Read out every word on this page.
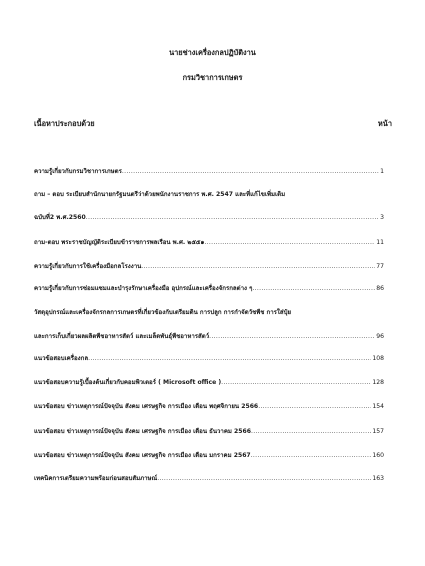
นายช่างเครื่องกลปฏิบัติงาน
กรมวิชาการเกษตร
เนื้อหาประกอบด้วย	หน้า
ความรู้เกี่ยวกับกรมวิชาการเกษตร .....	1
ถาม – ตอบ ระเบียบสำนักนายกรัฐมนตรีว่าด้วยพนักงานราชการ พ.ศ. 2547 และที่แก้ไขเพิ่มเติม
ฉบับที่2 พ.ศ.2560 .....	3
ถาม-ตอบ พระราชบัญญัติระเบียบข้าราชการพลเรือน พ.ศ. ๒๕๕๑ .....	11
ความรู้เกี่ยวกับการใช้เครื่องมือกลโรงงาน .....	77
ความรู้เกี่ยวกับการซ่อมแซมและบำรุงรักษาเครื่องมือ อุปกรณ์และเครื่องจักรกลต่าง ๆ .....	86
วัสดุอุปกรณ์และเครื่องจักรกลการเกษตรที่เกี่ยวข้องกับเตรียมดิน การปลูก การกำจัดวัชพืช การใส่ปุ๋ย
และการเก็บเกี่ยวผลผลิตพืชอาหารสัตว์ และเมล็ดพันธุ์พืชอาหารสัตว์ .....	96
แนวข้อสอบเครื่องกล .....	108
แนวข้อสอบความรู้เบื้องต้นเกี่ยวกับคอมพิวเตอร์ ( Microsoft office ) .....	128
แนวข้อสอบ ข่าวเหตุการณ์ปัจจุบัน สังคม เศรษฐกิจ การเมือง เดือน พฤศจิกายน 2566 .....	154
แนวข้อสอบ ข่าวเหตุการณ์ปัจจุบัน สังคม เศรษฐกิจ การเมือง เดือน ธันวาคม 2566 .....	157
แนวข้อสอบ ข่าวเหตุการณ์ปัจจุบัน สังคม เศรษฐกิจ การเมือง เดือน มกราคม 2567 .....	160
เทคนิคการเตรียมความพร้อมก่อนสอบสัมภาษณ์ .....	163
